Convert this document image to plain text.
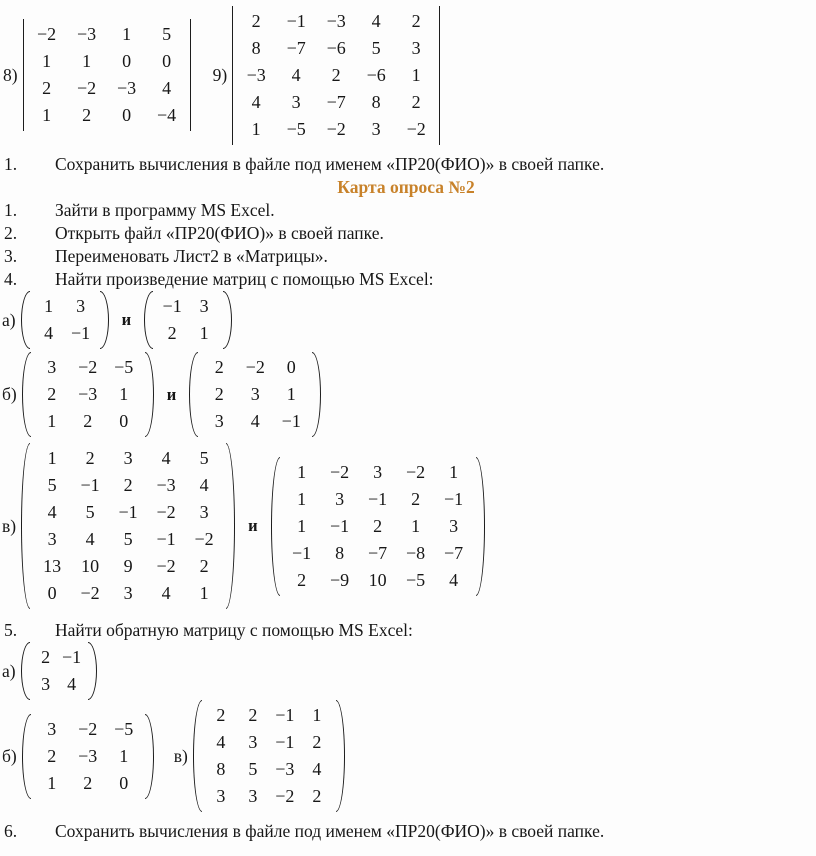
8)
−2	−3	1	5
1	1	0	0
2	−2	−3	4
1	2	0	−4
9)
2	−1	−3	4	2
8	−7	−6	5	3
−3	4	2	−6	1
4	3	−7	8	2
1	−5	−2	3	−2
1.	Сохранить вычисления в файле под именем «ПР20(ФИО)» в своей папке.
Карта опроса №2
1.	Зайти в программу MS Excel.
2.	Открыть файл «ПР20(ФИО)» в своей папке.
3.	Переименовать Лист2 в «Матрицы».
4.	Найти произведение матриц с помощью MS Excel:
а)
1	3
4 −1
и
−1 3
2	1
б)
3	−2 −5
2	−3	1
1	2	0
и
2	−2	0
2	3	1
3	4	−1
в)
1	2	3	4	5
5	−1	2	−3	4
4	5	−1	−2	3
3	4	5	−1	−2
13	10	9	−2	2
0	−2	3	4	1
и
1	−2	3	−2	1
1	3	−1	2	−1
1	−1	2	1	3
−1	8	−7	−8	−7
2	−9	10	−5	4
5.	Найти обратную матрицу с помощью MS Excel:
а)
2 −1
3 4
б)
3	−2 −5
2	−3	1
1	2	0
в)
2	2 −1 1
4	3 −1 2
8	5 −3 4
3	3 −2 2
6.	Сохранить вычисления в файле под именем «ПР20(ФИО)» в своей папке.
